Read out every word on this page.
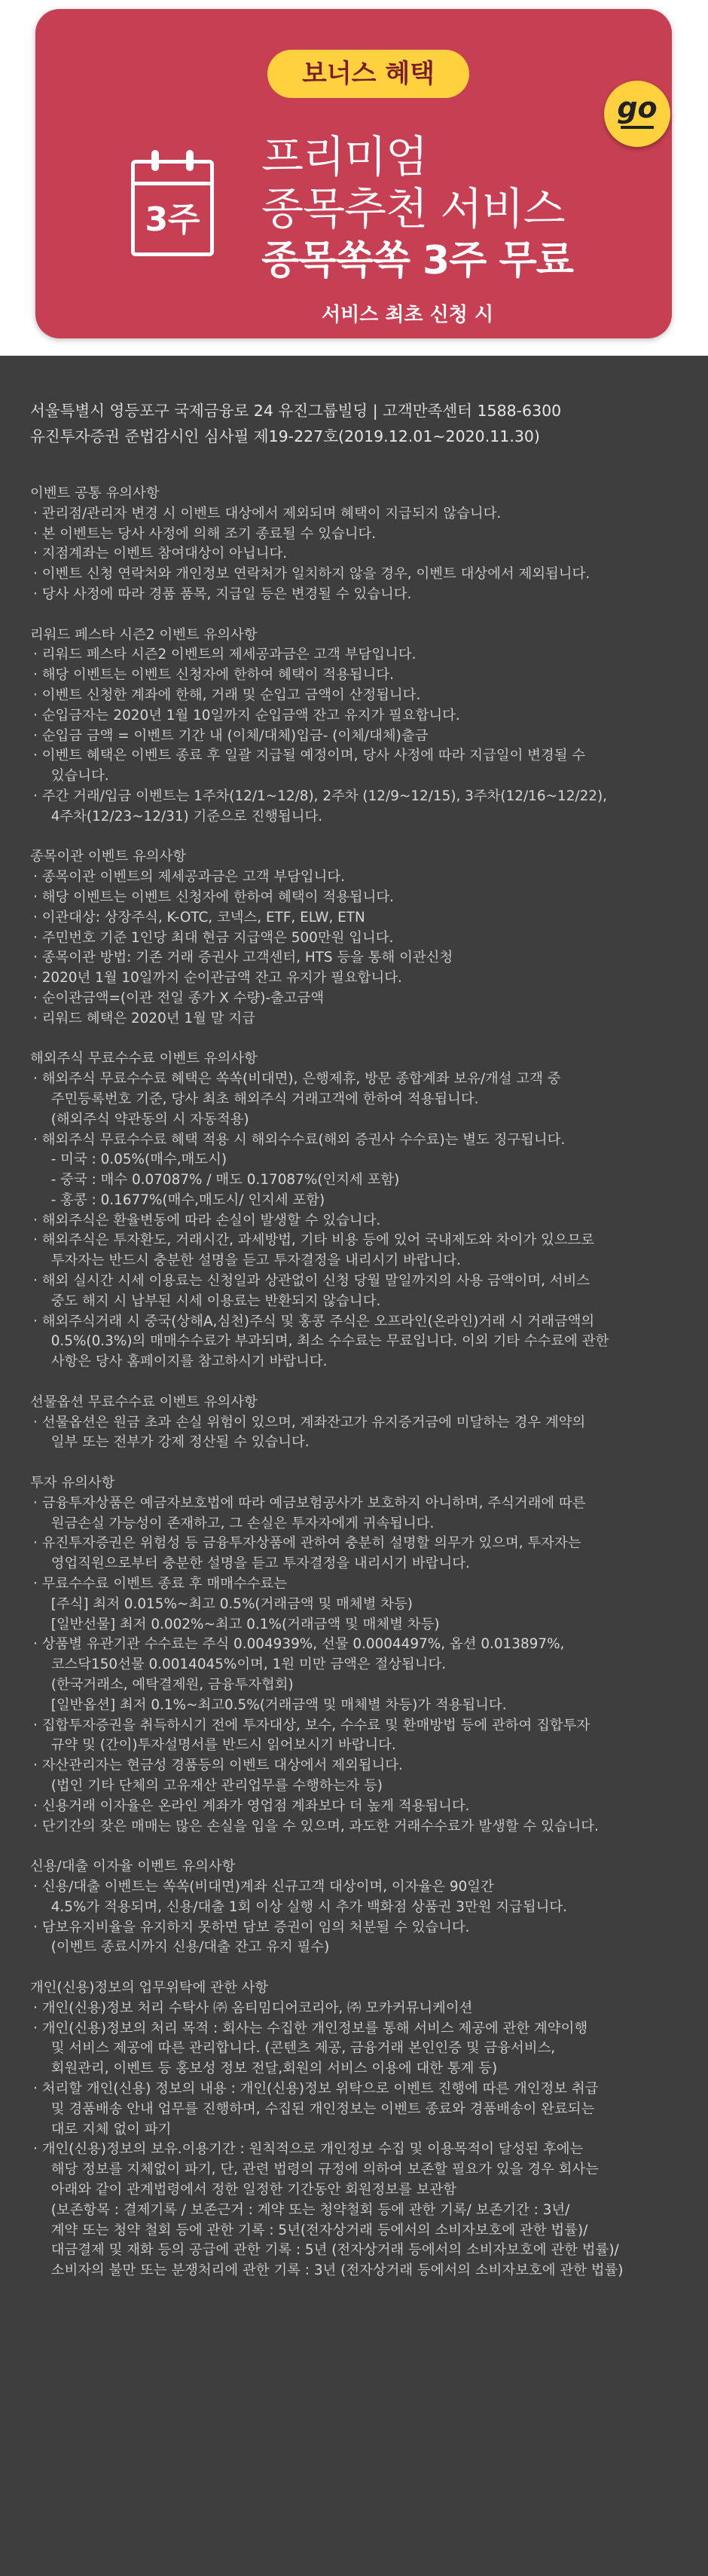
보너스 혜택
go
3주
프리미엄
종목추천 서비스
종목쏙쏙 3주 무료
서비스 최초 신청 시
서울특별시 영등포구 국제금융로 24 유진그룹빌딩 | 고객만족센터 1588-6300
유진투자증권 준법감시인 심사필 제19-227호(2019.12.01~2020.11.30)

이벤트 공통 유의사항

· 관리점/관리자 변경 시 이벤트 대상에서 제외되며 혜택이 지급되지 않습니다.

· 본 이벤트는 당사 사정에 의해 조기 종료될 수 있습니다.

· 지점계좌는 이벤트 참여대상이 아닙니다.

· 이벤트 신청 연락처와 개인정보 연락처가 일치하지 않을 경우, 이벤트 대상에서 제외됩니다.

· 당사 사정에 따라 경품 품목, 지급일 등은 변경될 수 있습니다.

리워드 페스타 시즌2 이벤트 유의사항

· 리워드 페스타 시즌2 이벤트의 제세공과금은 고객 부담입니다.

· 해당 이벤트는 이벤트 신청자에 한하여 혜택이 적용됩니다.

· 이벤트 신청한 계좌에 한해, 거래 및 순입고 금액이 산정됩니다.

· 순입금자는 2020년 1월 10일까지 순입금액 잔고 유지가 필요합니다.

· 순입금 금액 = 이벤트 기간 내 (이체/대체)입금- (이체/대체)출금

· 이벤트 혜택은 이벤트 종료 후 일괄 지급될 예정이며, 당사 사정에 따라 지급일이 변경될 수
있습니다.

· 주간 거래/입금 이벤트는 1주차(12/1~12/8), 2주차 (12/9~12/15), 3주차(12/16~12/22),
4주차(12/23~12/31) 기준으로 진행됩니다.

종목이관 이벤트 유의사항

· 종목이관 이벤트의 제세공과금은 고객 부담입니다.

· 해당 이벤트는 이벤트 신청자에 한하여 혜택이 적용됩니다.

· 이관대상: 상장주식, K-OTC, 코넥스, ETF, ELW, ETN

· 주민번호 기준 1인당 최대 현금 지급액은 500만원 입니다.

· 종목이관 방법: 기존 거래 증권사 고객센터, HTS 등을 통해 이관신청

· 2020년 1월 10일까지 순이관금액 잔고 유지가 필요합니다.

· 순이관금액=(이관 전일 종가 X 수량)-출고금액

· 리워드 혜택은 2020년 1월 말 지급

해외주식 무료수수료 이벤트 유의사항

· 해외주식 무료수수료 혜택은 쏙쏙(비대면), 은행제휴, 방문 종합계좌 보유/개설 고객 중
주민등록번호 기준, 당사 최초 해외주식 거래고객에 한하여 적용됩니다.
(해외주식 약관동의 시 자동적용)

· 해외주식 무료수수료 혜택 적용 시 해외수수료(해외 증권사 수수료)는 별도 징구됩니다.
- 미국 : 0.05%(매수,매도시)
- 중국 : 매수 0.07087% / 매도 0.17087%(인지세 포함)
- 홍콩 : 0.1677%(매수,매도시/ 인지세 포함)

· 해외주식은 환율변동에 따라 손실이 발생할 수 있습니다.

· 해외주식은 투자환도, 거래시간, 과세방법, 기타 비용 등에 있어 국내제도와 차이가 있으므로
투자자는 반드시 충분한 설명을 듣고 투자결정을 내리시기 바랍니다.

· 해외 실시간 시세 이용료는 신청일과 상관없이 신청 당월 말일까지의 사용 금액이며, 서비스
중도 해지 시 납부된 시세 이용료는 반환되지 않습니다.

· 해외주식거래 시 중국(상해A,심천)주식 및 홍콩 주식은 오프라인(온라인)거래 시 거래금액의
0.5%(0.3%)의 매매수수료가 부과되며, 최소 수수료는 무료입니다. 이외 기타 수수료에 관한
사항은 당사 홈페이지를 참고하시기 바랍니다.

선물옵션 무료수수료 이벤트 유의사항

· 선물옵션은 원금 초과 손실 위험이 있으며, 계좌잔고가 유지증거금에 미달하는 경우 계약의
일부 또는 전부가 강제 정산될 수 있습니다.

투자 유의사항

· 금융투자상품은 예금자보호법에 따라 예금보험공사가 보호하지 아니하며, 주식거래에 따른
원금손실 가능성이 존재하고, 그 손실은 투자자에게 귀속됩니다.

· 유진투자증권은 위험성 등 금융투자상품에 관하여 충분히 설명할 의무가 있으며, 투자자는
영업직원으로부터 충분한 설명을 듣고 투자결정을 내리시기 바랍니다.

· 무료수수료 이벤트 종료 후 매매수수료는
[주식] 최저 0.015%~최고 0.5%(거래금액 및 매체별 차등)
[일반선물] 최저 0.002%~최고 0.1%(거래금액 및 매체별 차등)

· 상품별 유관기관 수수료는 주식 0.004939%, 선물 0.0004497%, 옵션 0.013897%,
코스닥150선물 0.0014045%이며, 1원 미만 금액은 절상됩니다.
(한국거래소, 예탁결제원, 금융투자협회)
[일반옵션] 최저 0.1%~최고0.5%(거래금액 및 매체별 차등)가 적용됩니다.

· 집합투자증권을 취득하시기 전에 투자대상, 보수, 수수료 및 환매방법 등에 관하여 집합투자
규약 및 (간이)투자설명서를 반드시 읽어보시기 바랍니다.

· 자산관리자는 현금성 경품등의 이벤트 대상에서 제외됩니다.
(법인 기타 단체의 고유재산 관리업무를 수행하는자 등)

· 신용거래 이자율은 온라인 계좌가 영업점 계좌보다 더 높게 적용됩니다.

· 단기간의 잦은 매매는 많은 손실을 입을 수 있으며, 과도한 거래수수료가 발생할 수 있습니다.

신용/대출 이자율 이벤트 유의사항

· 신용/대출 이벤트는 쏙쏙(비대면)계좌 신규고객 대상이며, 이자율은 90일간
4.5%가 적용되며, 신용/대출 1회 이상 실행 시 추가 백화점 상품권 3만원 지급됩니다.

· 담보유지비율을 유지하지 못하면 담보 증권이 임의 처분될 수 있습니다.
(이벤트 종료시까지 신용/대출 잔고 유지 필수)

개인(신용)정보의 업무위탁에 관한 사항

· 개인(신용)정보 처리 수탁사 ㈜ 옴티밈디어코리아, ㈜ 모카커뮤니케이션

· 개인(신용)정보의 처리 목적 : 회사는 수집한 개인정보를 통해 서비스 제공에 관한 계약이행
및 서비스 제공에 따른 관리합니다. (콘텐츠 제공, 금융거래 본인인증 및 금융서비스,
회원관리, 이벤트 등 홍보성 정보 전달,회원의 서비스 이용에 대한 통계 등)

· 처리할 개인(신용) 정보의 내용 : 개인(신용)정보 위탁으로 이벤트 진행에 따른 개인정보 취급
및 경품배송 안내 업무를 진행하며, 수집된 개인정보는 이벤트 종료와 경품배송이 완료되는
대로 지체 없이 파기

· 개인(신용)정보의 보유.이용기간 : 원칙적으로 개인정보 수집 및 이용목적이 달성된 후에는
해당 정보를 지체없이 파기, 단, 관련 법령의 규정에 의하여 보존할 필요가 있을 경우 회사는
아래와 같이 관계법령에서 정한 일정한 기간동안 회원정보를 보관함
(보존항목 : 결제기록 / 보존근거 : 계약 또는 청약철회 등에 관한 기록/ 보존기간 : 3년/
계약 또는 청약 철회 등에 관한 기록 : 5년(전자상거래 등에서의 소비자보호에 관한 법률)/
대금결제 및 재화 등의 공급에 관한 기록 : 5년 (전자상거래 등에서의 소비자보호에 관한 법률)/
소비자의 불만 또는 분쟁처리에 관한 기록 : 3년 (전자상거래 등에서의 소비자보호에 관한 법률)
